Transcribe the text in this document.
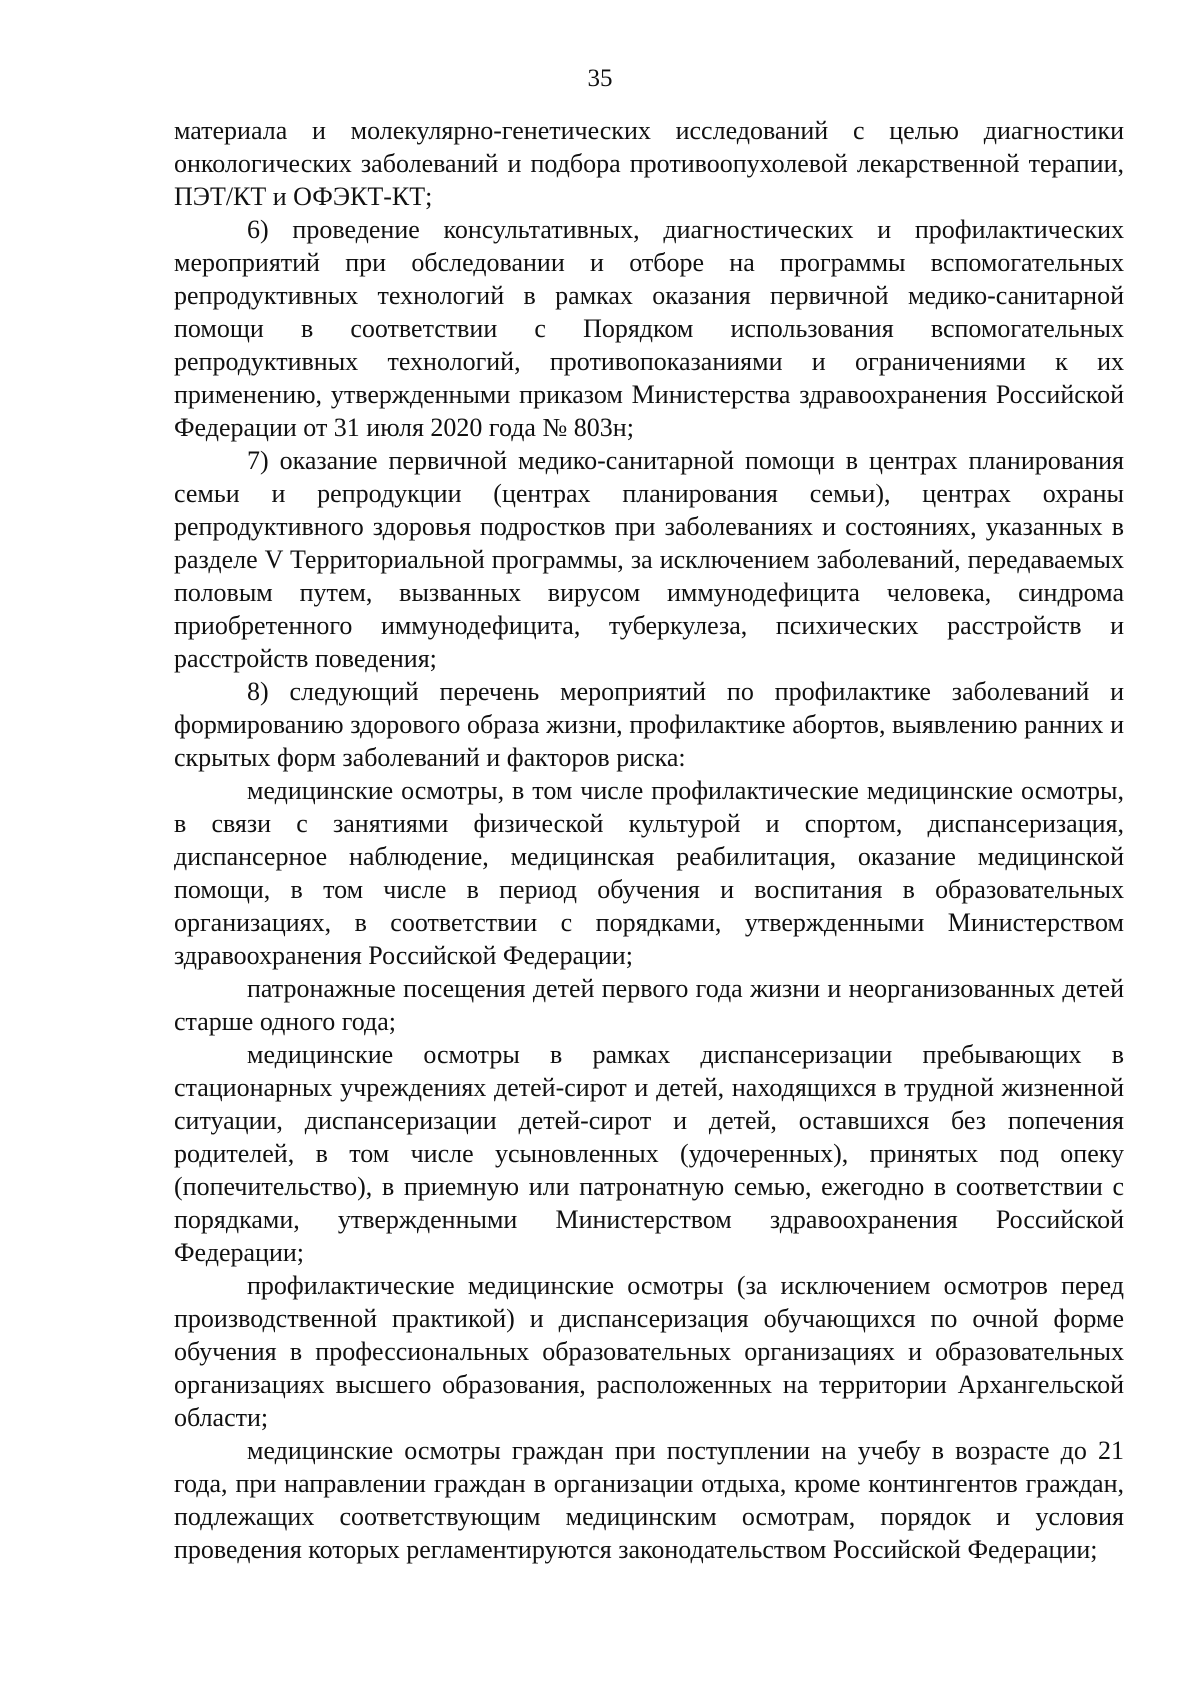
35

материала и молекулярно-генетических исследований с целью диагностики онкологических заболеваний и подбора противоопухолевой лекарственной терапии, ПЭТ/КТ и ОФЭКТ-КТ;

6) проведение консультативных, диагностических и профилактических мероприятий при обследовании и отборе на программы вспомогательных репродуктивных технологий в рамках оказания первичной медико-санитарной помощи в соответствии с Порядком использования вспомогательных репродуктивных технологий, противопоказаниями и ограничениями к их применению, утвержденными приказом Министерства здравоохранения Российской Федерации от 31 июля 2020 года № 803н;

7) оказание первичной медико-санитарной помощи в центрах планирования семьи и репродукции (центрах планирования семьи), центрах охраны репродуктивного здоровья подростков при заболеваниях и состояниях, указанных в разделе V Территориальной программы, за исключением заболеваний, передаваемых половым путем, вызванных вирусом иммунодефицита человека, синдрома приобретенного иммунодефицита, туберкулеза, психических расстройств и расстройств поведения;

8) следующий перечень мероприятий по профилактике заболеваний и формированию здорового образа жизни, профилактике абортов, выявлению ранних и скрытых форм заболеваний и факторов риска:

медицинские осмотры, в том числе профилактические медицинские осмотры, в связи с занятиями физической культурой и спортом, диспансеризация, диспансерное наблюдение, медицинская реабилитация, оказание медицинской помощи, в том числе в период обучения и воспитания в образовательных организациях, в соответствии с порядками, утвержденными Министерством здравоохранения Российской Федерации;

патронажные посещения детей первого года жизни и неорганизованных детей старше одного года;

медицинские осмотры в рамках диспансеризации пребывающих в стационарных учреждениях детей-сирот и детей, находящихся в трудной жизненной ситуации, диспансеризации детей-сирот и детей, оставшихся без попечения родителей, в том числе усыновленных (удочеренных), принятых под опеку (попечительство), в приемную или патронатную семью, ежегодно в соответствии с порядками, утвержденными Министерством здравоохранения Российской Федерации;

профилактические медицинские осмотры (за исключением осмотров перед производственной практикой) и диспансеризация обучающихся по очной форме обучения в профессиональных образовательных организациях и образовательных организациях высшего образования, расположенных на территории Архангельской области;

медицинские осмотры граждан при поступлении на учебу в возрасте до 21 года, при направлении граждан в организации отдыха, кроме контингентов граждан, подлежащих соответствующим медицинским осмотрам, порядок и условия проведения которых регламентируются законодательством Российской Федерации;
